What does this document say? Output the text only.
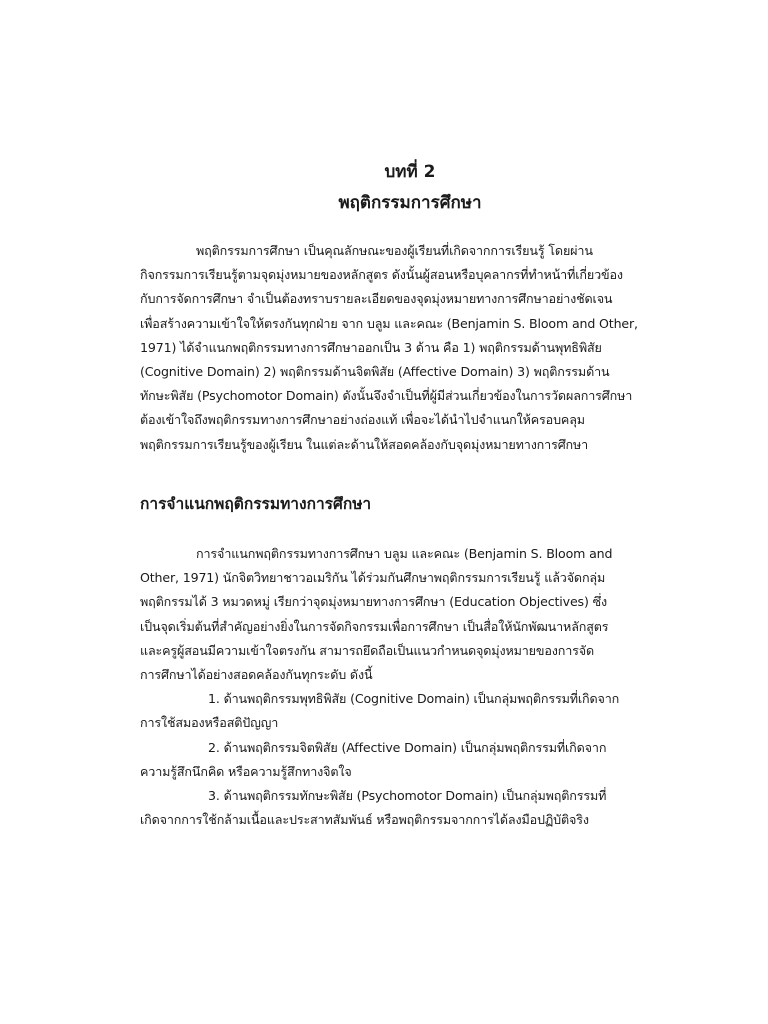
บทที่ 2
พฤติกรรมการศึกษา
พฤติกรรมการศึกษา เป็นคุณลักษณะของผู้เรียนที่เกิดจากการเรียนรู้ โดยผ่าน
กิจกรรมการเรียนรู้ตามจุดมุ่งหมายของหลักสูตร ดังนั้นผู้สอนหรือบุคลากรที่ทำหน้าที่เกี่ยวข้อง
กับการจัดการศึกษา จำเป็นต้องทราบรายละเอียดของจุดมุ่งหมายทางการศึกษาอย่างชัดเจน
เพื่อสร้างความเข้าใจให้ตรงกันทุกฝ่าย จาก บลูม และคณะ (Benjamin S. Bloom and Other,
1971) ได้จำแนกพฤติกรรมทางการศึกษาออกเป็น 3 ด้าน คือ 1) พฤติกรรมด้านพุทธิพิสัย
(Cognitive Domain) 2) พฤติกรรมด้านจิตพิสัย (Affective Domain) 3) พฤติกรรมด้าน
ทักษะพิสัย (Psychomotor Domain) ดังนั้นจึงจำเป็นที่ผู้มีส่วนเกี่ยวข้องในการวัดผลการศึกษา
ต้องเข้าใจถึงพฤติกรรมทางการศึกษาอย่างถ่องแท้ เพื่อจะได้นำไปจำแนกให้ครอบคลุม
พฤติกรรมการเรียนรู้ของผู้เรียน ในแต่ละด้านให้สอดคล้องกับจุดมุ่งหมายทางการศึกษา
การจำแนกพฤติกรรมทางการศึกษา
การจำแนกพฤติกรรมทางการศึกษา บลูม และคณะ (Benjamin S. Bloom and
Other, 1971) นักจิตวิทยาชาวอเมริกัน ได้ร่วมกันศึกษาพฤติกรรมการเรียนรู้ แล้วจัดกลุ่ม
พฤติกรรมได้ 3 หมวดหมู่ เรียกว่าจุดมุ่งหมายทางการศึกษา (Education Objectives) ซึ่ง
เป็นจุดเริ่มต้นที่สำคัญอย่างยิ่งในการจัดกิจกรรมเพื่อการศึกษา เป็นสื่อให้นักพัฒนาหลักสูตร
และครูผู้สอนมีความเข้าใจตรงกัน สามารถยึดถือเป็นแนวกำหนดจุดมุ่งหมายของการจัด
การศึกษาได้อย่างสอดคล้องกันทุกระดับ ดังนี้
1. ด้านพฤติกรรมพุทธิพิสัย (Cognitive Domain) เป็นกลุ่มพฤติกรรมที่เกิดจาก
การใช้สมองหรือสติปัญญา
2. ด้านพฤติกรรมจิตพิสัย (Affective Domain) เป็นกลุ่มพฤติกรรมที่เกิดจาก
ความรู้สึกนึกคิด หรือความรู้สึกทางจิตใจ
3. ด้านพฤติกรรมทักษะพิสัย (Psychomotor Domain) เป็นกลุ่มพฤติกรรมที่
เกิดจากการใช้กล้ามเนื้อและประสาทสัมพันธ์ หรือพฤติกรรมจากการได้ลงมือปฏิบัติจริง
